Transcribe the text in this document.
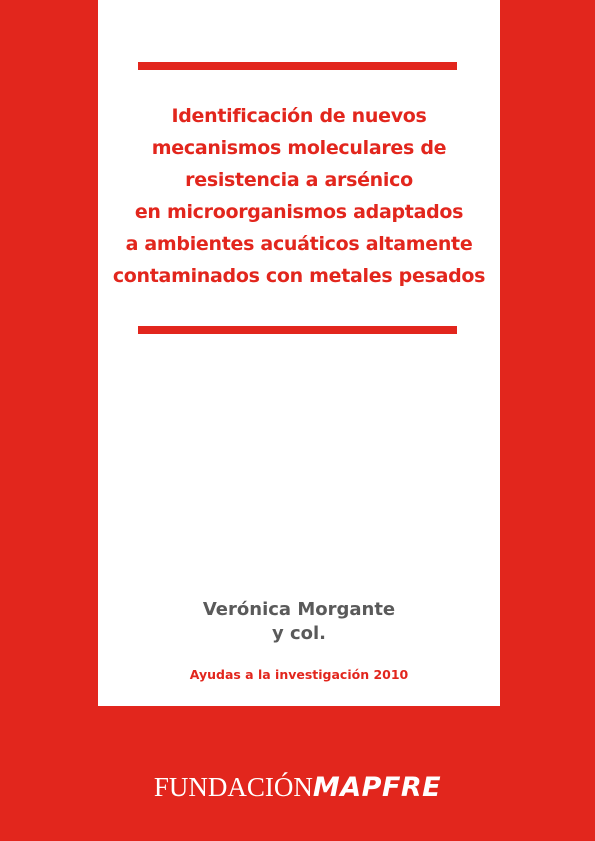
Identificación de nuevos
mecanismos moleculares de
resistencia a arsénico
en microorganismos adaptados
a ambientes acuáticos altamente
contaminados con metales pesados
Verónica Morgante
y col.
Ayudas a la investigación 2010
FUNDACIÓNMAPFRE
